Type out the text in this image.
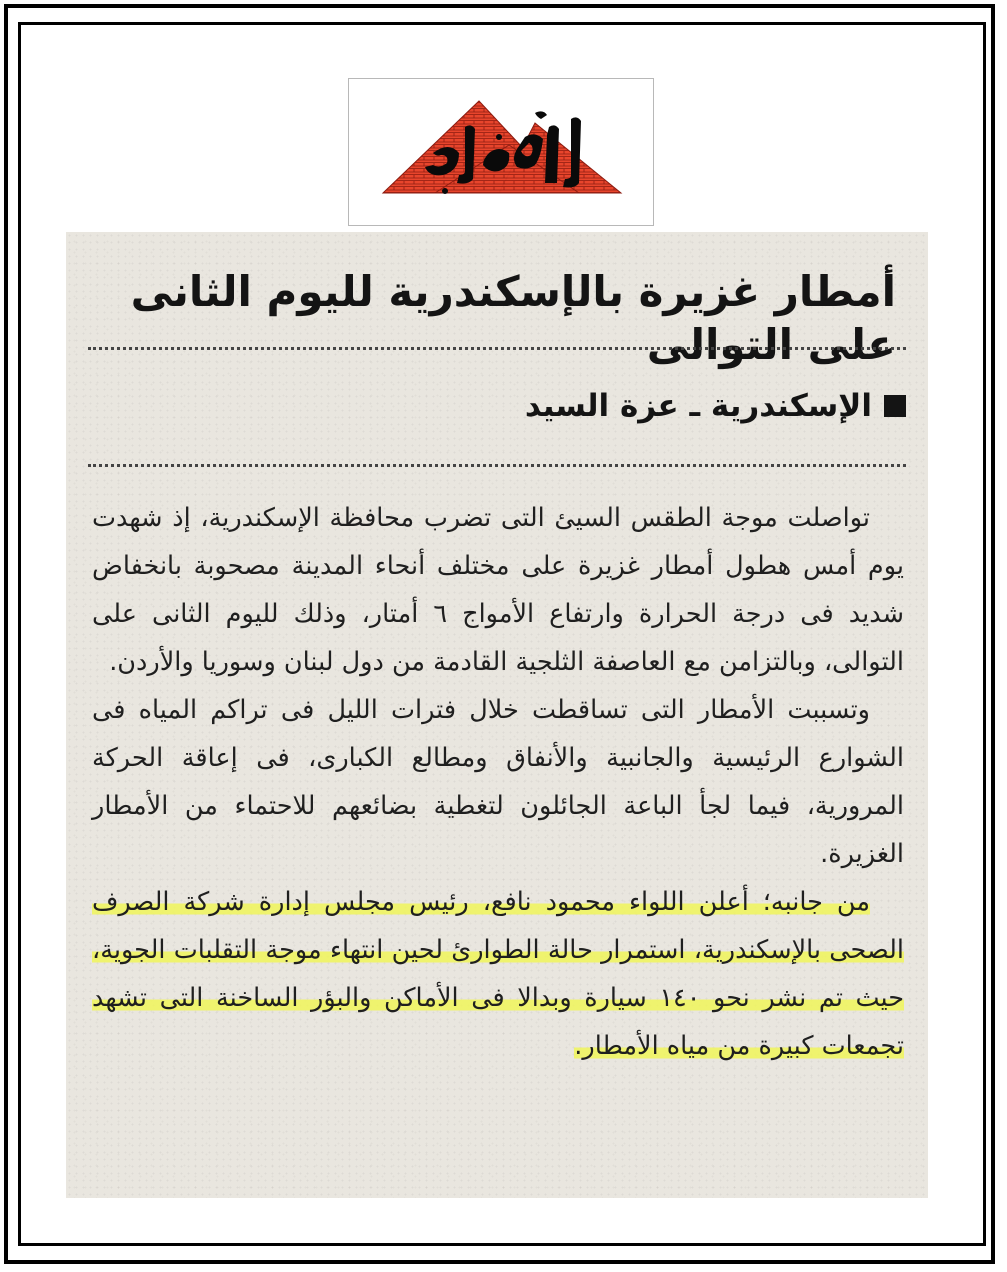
أمطار غزيرة بالإسكندرية لليوم الثانى على التوالى
الإسكندرية ـ عزة السيد

تواصلت موجة الطقس السيئ التى تضرب محافظة الإسكندرية، إذ شهدت يوم أمس هطول أمطار غزيرة على مختلف أنحاء المدينة مصحوبة بانخفاض شديد فى درجة الحرارة وارتفاع الأمواج ٦ أمتار، وذلك لليوم الثانى على التوالى، وبالتزامن مع العاصفة الثلجية القادمة من دول لبنان وسوريا والأردن.

وتسببت الأمطار التى تساقطت خلال فترات الليل فى تراكم المياه فى الشوارع الرئيسية والجانبية والأنفاق ومطالع الكبارى، فى إعاقة الحركة المرورية، فيما لجأ الباعة الجائلون لتغطية بضائعهم للاحتماء من الأمطار الغزيرة.

من جانبه؛ أعلن اللواء محمود نافع، رئيس مجلس إدارة شركة الصرف الصحى بالإسكندرية، استمرار حالة الطوارئ لحين انتهاء موجة التقلبات الجوية، حيث تم نشر نحو ١٤٠ سيارة وبدالا فى الأماكن والبؤر الساخنة التى تشهد تجمعات كبيرة من مياه الأمطار.
